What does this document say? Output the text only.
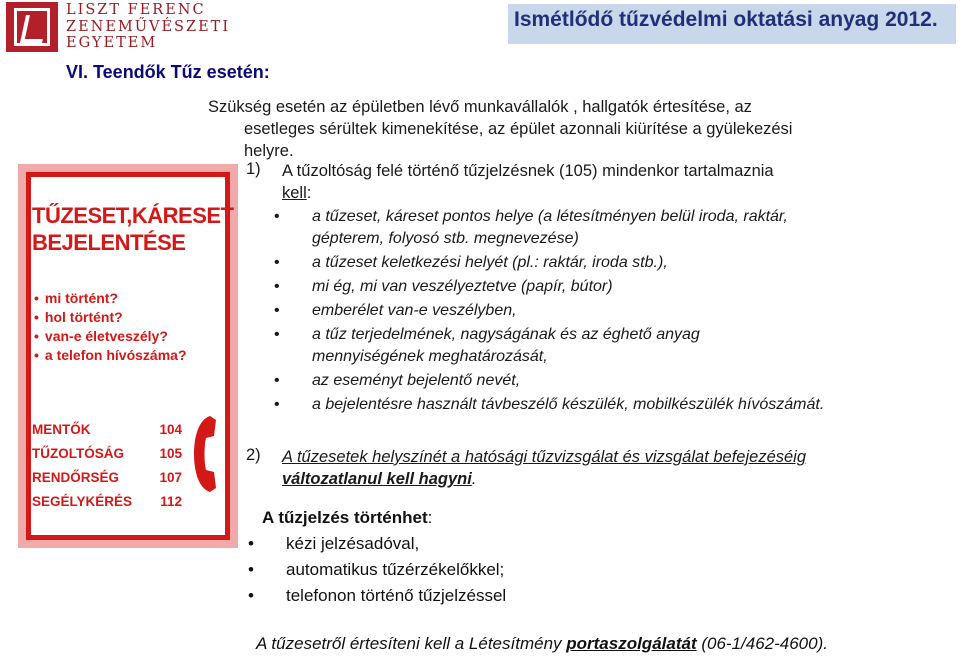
LISZT FERENC
ZENEMŰVÉSZETI
EGYETEM
Ismétlődő tűzvédelmi oktatási anyag 2012.
VI. Teendők Tűz esetén:
Szükség esetén az épületben lévő munkavállalók , hallgatók értesítése, az
esetleges sérültek kimenekítése, az épület azonnali kiürítése a gyülekezési
helyre.
TŰZESET,KÁRESET
BEJELENTÉSE
• mi történt?
• hol történt?
• van-e életveszély?
• a telefon hívószáma?
MENTŐK	104
TŰZOLTÓSÁG	105
RENDŐRSÉG	107
SEGÉLYKÉRÉS 112
1) A tűzoltóság felé történő tűzjelzésnek (105) mindenkor tartalmaznia
kell:
• a tűzeset, káreset pontos helye (a létesítményen belül iroda, raktár, gépterem, folyosó stb. megnevezése)
• a tűzeset keletkezési helyét (pl.: raktár, iroda stb.),
• mi ég, mi van veszélyeztetve (papír, bútor)
• emberélet van-e veszélyben,
• a tűz terjedelmének, nagyságának és az éghető anyag mennyiségének meghatározását,
• az eseményt bejelentő nevét,
• a bejelentésre használt távbeszélő készülék, mobilkészülék hívószámát.
2) A tűzesetek helyszínét a hatósági tűzvizsgálat és vizsgálat befejezéséig
változatlanul kell hagyni.
A tűzjelzés történhet:
• kézi jelzésadóval,
• automatikus tűzérzékelőkkel;
• telefonon történő tűzjelzéssel
A tűzesetről értesíteni kell a Létesítmény portaszolgálatát (06-1/462-4600).
